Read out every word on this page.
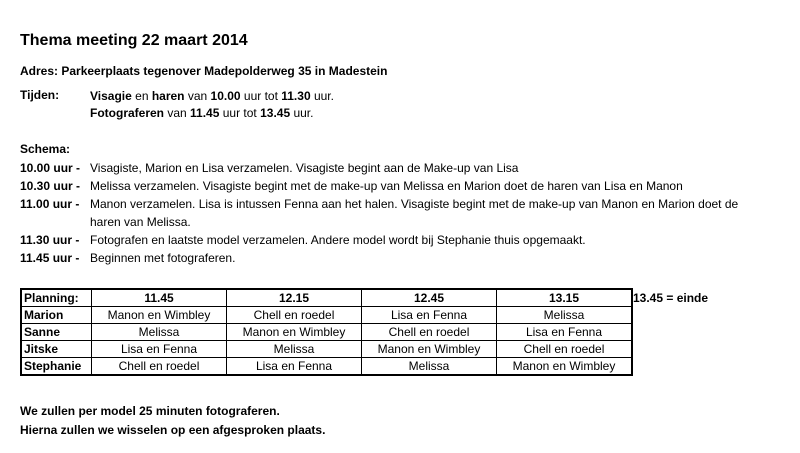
Thema meeting 22 maart 2014
Adres: Parkeerplaats tegenover Madepolderweg 35 in Madestein
Tijden:	Visagie en haren van 10.00 uur tot 11.30 uur.
Fotograferen van 11.45 uur tot 13.45 uur.
Schema:
10.00 uur - Visagiste, Marion en Lisa verzamelen. Visagiste begint aan de Make-up van Lisa
10.30 uur - Melissa verzamelen. Visagiste begint met de make-up van Melissa en Marion doet de haren van Lisa en Manon
11.00 uur - Manon verzamelen. Lisa is intussen Fenna aan het halen. Visagiste begint met de make-up van Manon en Marion doet de haren van Melissa.
11.30 uur - Fotografen en laatste model verzamelen. Andere model wordt bij Stephanie thuis opgemaakt.
11.45 uur - Beginnen met fotograferen.
Planning:	11.45	12.15	12.45	13.15
Marion	Manon en Wimbley	Chell en roedel	Lisa en Fenna	Melissa
Sanne	Melissa	Manon en Wimbley	Chell en roedel	Lisa en Fenna
Jitske	Lisa en Fenna	Melissa	Manon en Wimbley	Chell en roedel
Stephanie	Chell en roedel	Lisa en Fenna	Melissa	Manon en Wimbley
13.45 = einde
We zullen per model 25 minuten fotograferen.
Hierna zullen we wisselen op een afgesproken plaats.
